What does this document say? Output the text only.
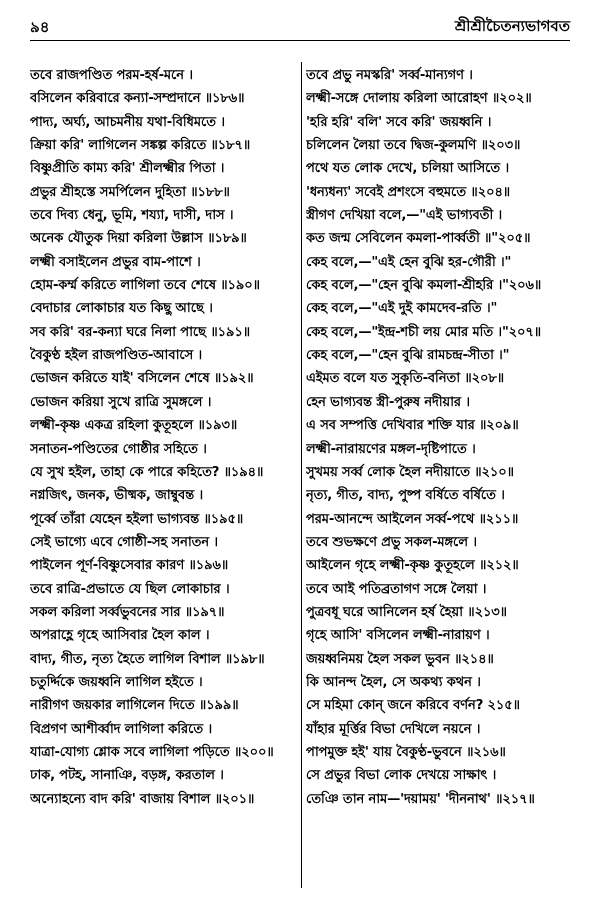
৯৪	শ্রীশ্রীচৈতন্যভাগবত
তবে রাজপণ্ডিত পরম-হর্ষ-মনে ।
বসিলেন করিবারে কন্যা-সম্প্রদানে ॥১৮৬॥
পাদ্য, অর্ঘ্য, আচমনীয় যথা-বিধিমতে ।
ক্রিয়া করি' লাগিলেন সঙ্কল্প করিতে ॥১৮৭॥
বিষ্ণুপ্রীতি কাম্য করি' শ্রীলক্ষ্মীর পিতা ।
প্রভুর শ্রীহস্তে সমর্পিলেন দুহিতা ॥১৮৮॥
তবে দিব্য ধেনু, ভূমি, শয্যা, দাসী, দাস ।
অনেক যৌতুক দিয়া করিলা উল্লাস ॥১৮৯॥
লক্ষ্মী বসাইলেন প্রভুর বাম-পাশে ।
হোম-কর্ম্ম করিতে লাগিলা তবে শেষে ॥১৯০॥
বেদাচার লোকাচার যত কিছু আছে ।
সব করি' বর-কন্যা ঘরে নিলা পাছে ॥১৯১॥
বৈকুণ্ঠ হইল রাজপণ্ডিত-আবাসে ।
ভোজন করিতে যাই' বসিলেন শেষে ॥১৯২॥
ভোজন করিয়া সুখে রাত্রি সুমঙ্গলে ।
লক্ষ্মী-কৃষ্ণ একত্র রহিলা কুতূহলে ॥১৯৩॥
সনাতন-পণ্ডিতের গোষ্ঠীর সহিতে ।
যে সুখ হইল, তাহা কে পারে কহিতে? ॥১৯৪॥
নগ্নজিৎ, জনক, ভীষ্মক, জাম্বুবন্ত ।
পূর্ব্বে তাঁরা যেহেন হইলা ভাগ্যবন্ত ॥১৯৫॥
সেই ভাগ্যে এবে গোষ্ঠী-সহ সনাতন ।
পাইলেন পূর্ণ-বিষ্ণুসেবার কারণ ॥১৯৬॥
তবে রাত্রি-প্রভাতে যে ছিল লোকাচার ।
সকল করিলা সর্ব্বভুবনের সার ॥১৯৭॥
অপরাহ্ণে গৃহে আসিবার হৈল কাল ।
বাদ্য, গীত, নৃত্য হৈতে লাগিল বিশাল ॥১৯৮॥
চতুর্দ্দিকে জয়ধ্বনি লাগিল হইতে ।
নারীগণ জয়কার লাগিলেন দিতে ॥১৯৯॥
বিপ্রগণ আশীর্ব্বাদ লাগিলা করিতে ।
যাত্রা-যোগ্য শ্লোক সবে লাগিলা পড়িতে ॥২০০॥
ঢাক, পটহ, সানাঞি, বড়ঙ্গ, করতাল ।
অন্যোহন্যে বাদ করি' বাজায় বিশাল ॥২০১॥
তবে প্রভু নমস্করি' সর্ব্ব-মান্যগণ ।
লক্ষ্মী-সঙ্গে দোলায় করিলা আরোহণ ॥২০২॥
'হরি হরি' বলি' সবে করি' জয়ধ্বনি ।
চলিলেন লৈয়া তবে দ্বিজ-কুলমণি ॥২০৩॥
পথে যত লোক দেখে, চলিয়া আসিতে ।
'ধন্যধন্য' সবেই প্রশংসে বহুমতে ॥২০৪॥
স্ত্রীগণ দেখিয়া বলে,—"এই ভাগ্যবতী ।
কত জন্ম সেবিলেন কমলা-পার্ব্বতী ॥"২০৫॥
কেহ বলে,—"এই হেন বুঝি হর-গৌরী ।"
কেহ বলে,—"হেন বুঝি কমলা-শ্রীহরি ।"২০৬॥
কেহ বলে,—"এই দুই কামদেব-রতি ।"
কেহ বলে,—"ইন্দ্র-শচী লয় মোর মতি ।"২০৭॥
কেহ বলে,—"হেন বুঝি রামচন্দ্র-সীতা ।"
এইমত বলে যত সুকৃতি-বনিতা ॥২০৮॥
হেন ভাগ্যবন্ত স্ত্রী-পুরুষ নদীয়ার ।
এ সব সম্পত্তি দেখিবার শক্তি যার ॥২০৯॥
লক্ষ্মী-নারায়ণের মঙ্গল-দৃষ্টিপাতে ।
সুখময় সর্ব্ব লোক হৈল নদীয়াতে ॥২১০॥
নৃত্য, গীত, বাদ্য, পুষ্প বর্ষিতে বর্ষিতে ।
পরম-আনন্দে আইলেন সর্ব্ব-পথে ॥২১১॥
তবে শুভক্ষণে প্রভু সকল-মঙ্গলে ।
আইলেন গৃহে লক্ষ্মী-কৃষ্ণ কুতূহলে ॥২১২॥
তবে আই পতিব্রতাগণ সঙ্গে লৈয়া ।
পুত্রবধূ ঘরে আনিলেন হর্ষ হৈয়া ॥২১৩॥
গৃহে আসি' বসিলেন লক্ষ্মী-নারায়ণ ।
জয়ধ্বনিময় হৈল সকল ভুবন ॥২১৪॥
কি আনন্দ হৈল, সে অকথ্য কথন ।
সে মহিমা কোন্ জনে করিবে বর্ণন? ২১৫॥
যাঁহার মূর্ত্তির বিভা দেখিলে নয়নে ।
পাপমুক্ত হই' যায় বৈকুণ্ঠ-ভুবনে ॥২১৬॥
সে প্রভুর বিভা লোক দেখয়ে সাক্ষাৎ ।
তেঞি তান নাম—'দয়াময়' 'দীননাথ' ॥২১৭॥
